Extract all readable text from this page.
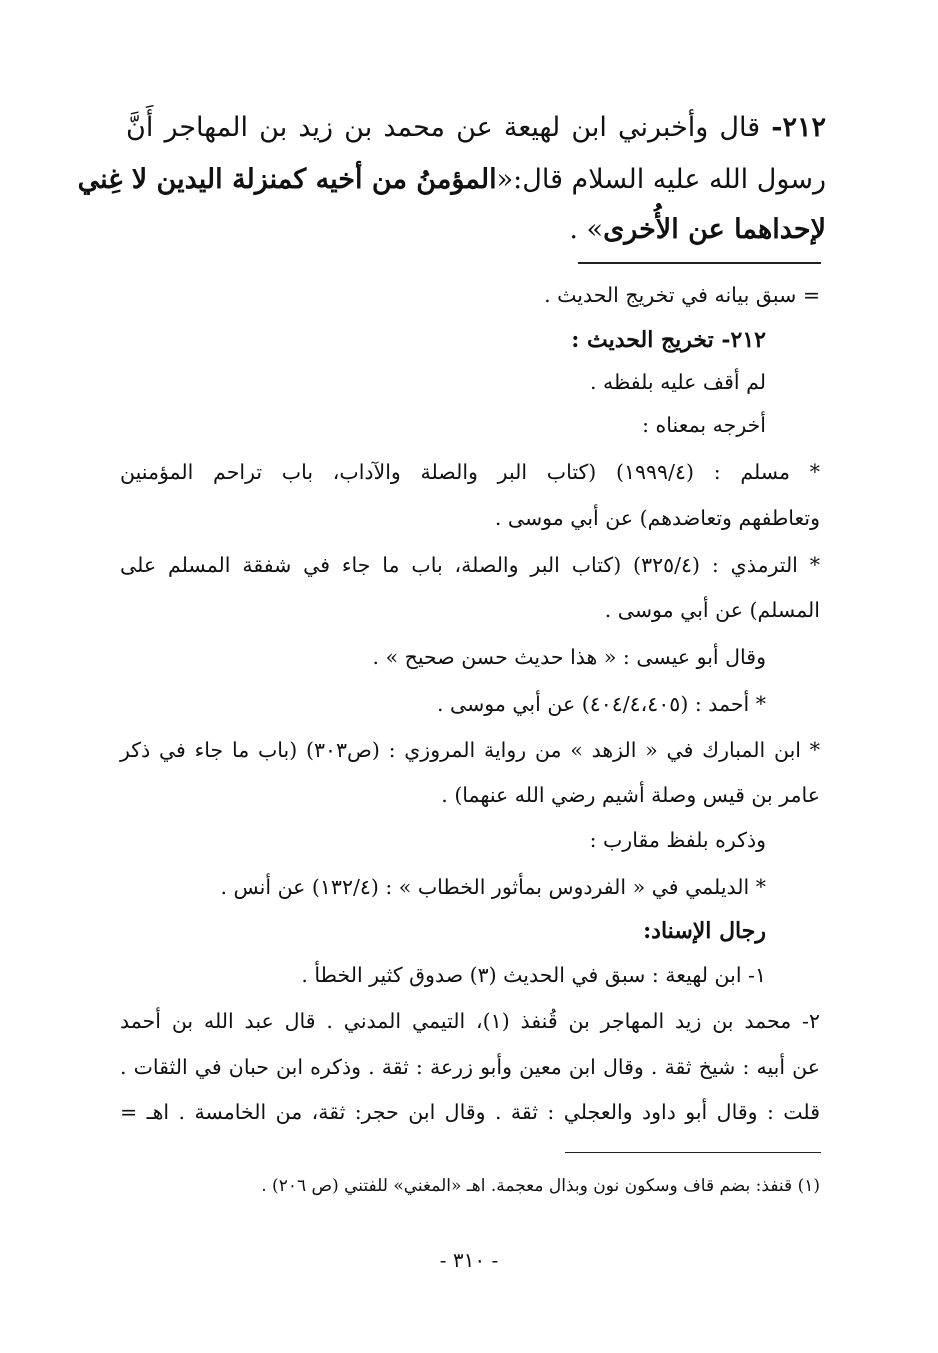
٢١٢- قال وأخبرني ابن لهيعة عن محمد بن زيد بن المهاجر أَنَّ
رسول الله عليه السلام قال:«المؤمنُ من أخيه كمنزلة اليدين لا غِني
لإحداهما عن الأُخرى» .
= سبق بيانه في تخريج الحديث .
٢١٢- تخريج الحديث :
لم أقف عليه بلفظه .
أخرجه بمعناه :
* مسلم : (١٩٩٩/٤) (كتاب البر والصلة والآداب، باب تراحم المؤمنين
وتعاطفهم وتعاضدهم) عن أبي موسى .
* الترمذي : (٣٢٥/٤) (كتاب البر والصلة، باب ما جاء في شفقة المسلم على
المسلم) عن أبي موسى .
وقال أبو عيسى : « هذا حديث حسن صحيح » .
* أحمد : (٤٠٤/٤،٤٠٥) عن أبي موسى .
* ابن المبارك في « الزهد » من رواية المروزي : (ص٣٠٣) (باب ما جاء في ذكر
عامر بن قيس وصلة أشيم رضي الله عنهما) .
وذكره بلفظ مقارب :
* الديلمي في « الفردوس بمأثور الخطاب » : (١٣٢/٤) عن أنس .
رجال الإسناد:
١- ابن لهيعة : سبق في الحديث (٣) صدوق كثير الخطأ .
٢- محمد بن زيد المهاجر بن قُنفذ (١)، التيمي المدني . قال عبد الله بن أحمد
عن أبيه : شيخ ثقة . وقال ابن معين وأبو زرعة : ثقة . وذكره ابن حبان في الثقات .
قلت : وقال أبو داود والعجلي : ثقة . وقال ابن حجر: ثقة، من الخامسة . اهـ =
(١) قنفذ: بضم قاف وسكون نون وبذال معجمة. اهـ «المغني» للفتني (ص ٢٠٦) .
- ٣١٠ -
